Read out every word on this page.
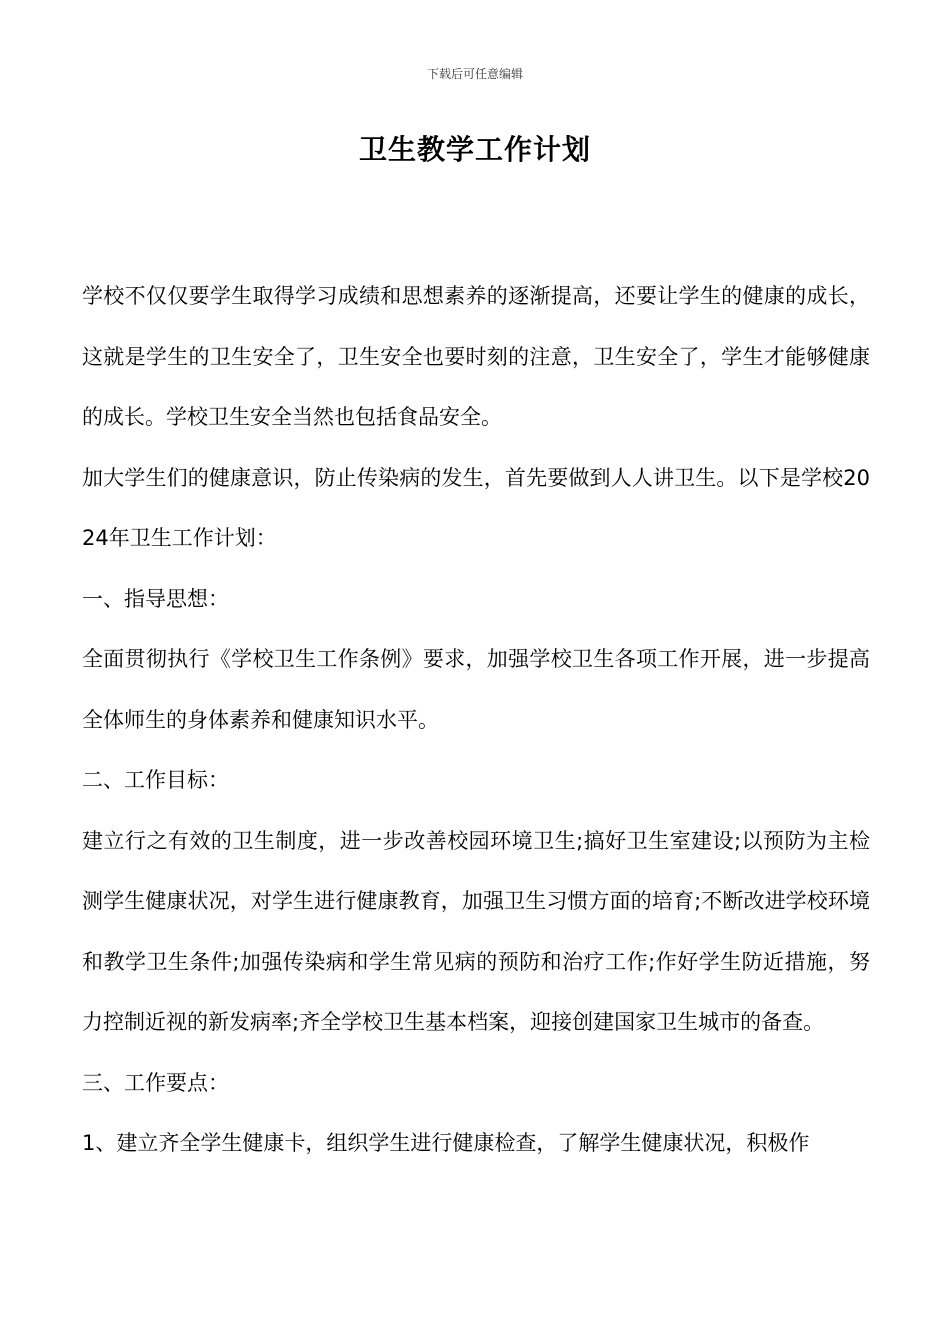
下载后可任意编辑
卫生教学工作计划

学校不仅仅要学生取得学习成绩和思想素养的逐渐提高，还要让学生的健康的成长，这就是学生的卫生安全了，卫生安全也要时刻的注意，卫生安全了，学生才能够健康的成长。学校卫生安全当然也包括食品安全。

加大学生们的健康意识，防止传染病的发生，首先要做到人人讲卫生。以下是学校2024年卫生工作计划：

一、指导思想：

全面贯彻执行《学校卫生工作条例》要求，加强学校卫生各项工作开展，进一步提高全体师生的身体素养和健康知识水平。

二、工作目标：

建立行之有效的卫生制度，进一步改善校园环境卫生;搞好卫生室建设;以预防为主检测学生健康状况，对学生进行健康教育，加强卫生习惯方面的培育;不断改进学校环境和教学卫生条件;加强传染病和学生常见病的预防和治疗工作;作好学生防近措施，努力控制近视的新发病率;齐全学校卫生基本档案，迎接创建国家卫生城市的备查。

三、工作要点：

1、建立齐全学生健康卡，组织学生进行健康检查，了解学生健康状况，积极作
